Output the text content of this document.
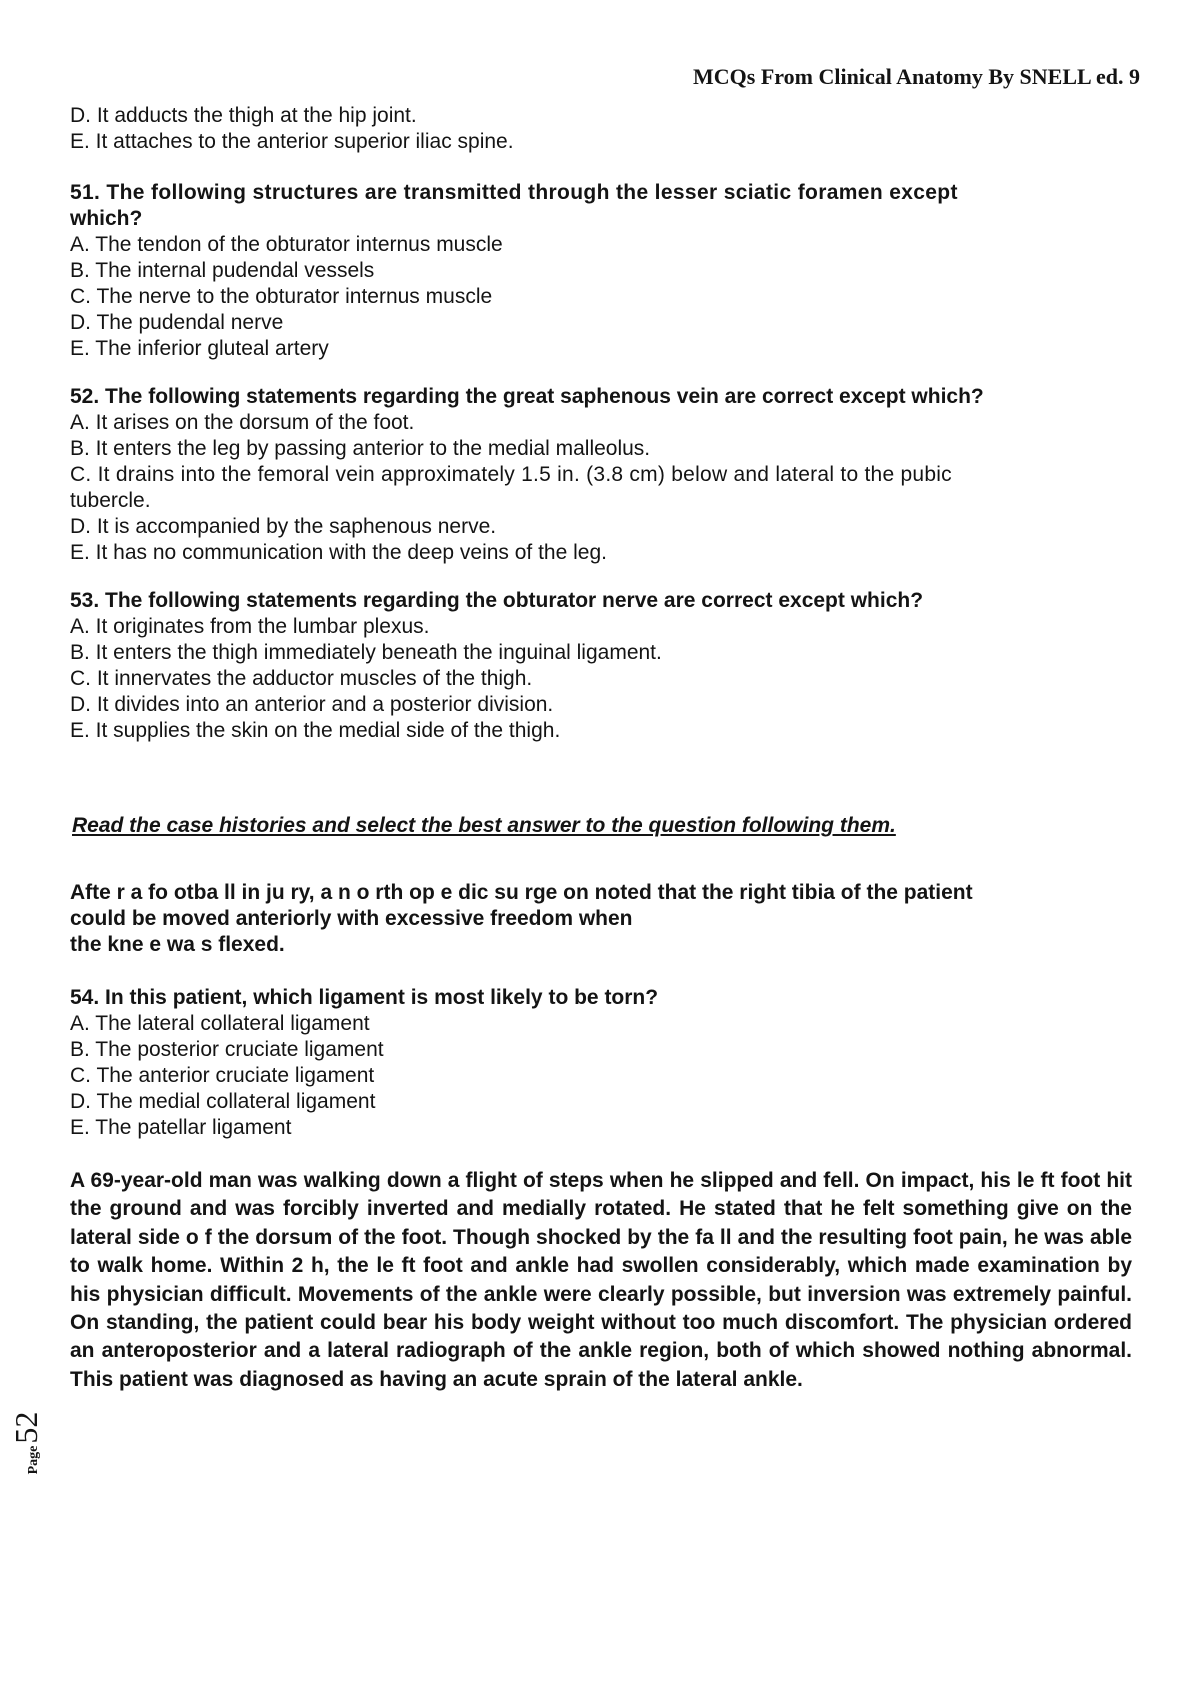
MCQs From Clinical Anatomy By SNELL ed. 9
D. It adducts the thigh at the hip joint.
E. It attaches to the anterior superior iliac spine.
51. The following structures are transmitted through the lesser sciatic foramen except
which?
A. The tendon of the obturator internus muscle
B. The internal pudendal vessels
C. The nerve to the obturator internus muscle
D. The pudendal nerve
E. The inferior gluteal artery
52. The following statements regarding the great saphenous vein are correct except which?
A. It arises on the dorsum of the foot.
B. It enters the leg by passing anterior to the medial malleolus.
C. It drains into the femoral vein approximately 1.5 in. (3.8 cm) below and lateral to the pubic
tubercle.
D. It is accompanied by the saphenous nerve.
E. It has no communication with the deep veins of the leg.
53. The following statements regarding the obturator nerve are correct except which?
A. It originates from the lumbar plexus.
B. It enters the thigh immediately beneath the inguinal ligament.
C. It innervates the adductor muscles of the thigh.
D. It divides into an anterior and a posterior division.
E. It supplies the skin on the medial side of the thigh.
Read the case histories and select the best answer to the question following them.
Afte r a fo otba ll in ju ry, a n o rth op e dic su rge on noted that the right tibia of the patient
could be moved anteriorly with excessive freedom when
the kne e wa s flexed.
54. In this patient, which ligament is most likely to be torn?
A. The lateral collateral ligament
B. The posterior cruciate ligament
C. The anterior cruciate ligament
D. The medial collateral ligament
E. The patellar ligament
A 69-year-old man was walking down a flight of steps when he slipped and fell. On impact, his le ft foot hit the ground and was forcibly inverted and medially rotated. He stated that he felt something give on the lateral side o f the dorsum of the foot. Though shocked by the fa ll and the resulting foot pain, he was able to walk home. Within 2 h, the le ft foot and ankle had swollen considerably, which made examination by his physician difficult. Movements of the ankle were clearly possible, but inversion was extremely painful. On standing, the patient could bear his body weight without too much discomfort. The physician ordered an anteroposterior and a lateral radiograph of the ankle region, both of which showed nothing abnormal. This patient was diagnosed as having an acute sprain of the lateral ankle.
Page
52
